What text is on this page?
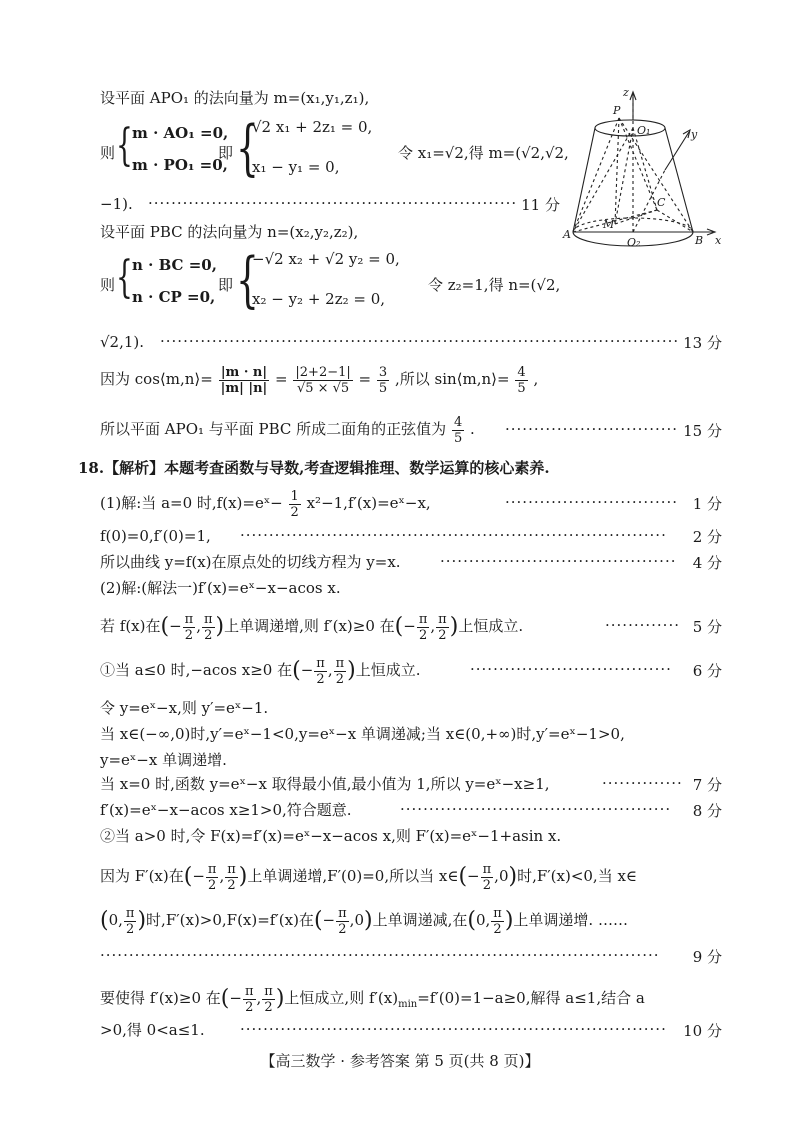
设平面 APO₁ 的法向量为 m=(x₁,y₁,z₁),
则 { m · AO₁ =0,
m · PO₁ =0,
即 {
√2 x₁ + 2z₁ = 0,
x₁ − y₁ = 0,
令 x₁=√2,得 m=(√2,√2,
−1). ································································ 11 分
设平面 PBC 的法向量为 n=(x₂,y₂,z₂),
则 { n · BC =0,
n · CP =0,
即 {
−√2 x₂ + √2 y₂ = 0,
x₂ − y₂ + 2z₂ = 0,
令 z₂=1,得 n=(√2,
√2,1). ·························································································· 13 分
因为 cos⟨m,n⟩= $\frac{|m \cdot n|}{|m| |n|} = \frac{|2+2-1|}{√5 \times √5} = \frac{3}{5}$ ,所以 sin⟨m,n⟩= $\frac{4}{5}$ ,
所以平面 APO₁ 与平面 PBC 所成二面角的正弦值为 $\frac{4}{5}$ . ······························ 15 分
P
O₁
z
y
C
A
M
O₂	B x
18.【解析】本题考查函数与导数,考查逻辑推理、数学运算的核心素养.
(1)解:当 a=0 时,f(x)=eˣ− $\frac{1}{2}$ x²−1,f′(x)=eˣ−x,	······························ 1 分
f(0)=0,f′(0)=1, ··········································································	2 分
所以曲线 y=f(x)在原点处的切线方程为 y=x.	·········································	4 分
(2)解:(解法一)f′(x)=eˣ−x−acos x.
若 f(x)在(− $\frac{\pi}{2}$ , $\frac{\pi}{2}$ )上单调递增,则 f′(x)≥0 在(− $\frac{\pi}{2}$ , $\frac{\pi}{2}$ )上恒成立.	············· 5 分
①当 a≤0 时,−acos x≥0 在(− $\frac{\pi}{2}$ , $\frac{\pi}{2}$ )上恒成立.	···································	6 分
令 y=eˣ−x,则 y′=eˣ−1.
当 x∈(−∞,0)时,y′=eˣ−1<0,y=eˣ−x 单调递减;当 x∈(0,+∞)时,y′=eˣ−1>0,
y=eˣ−x 单调递增.
当 x=0 时,函数 y=eˣ−x 取得最小值,最小值为 1,所以 y=eˣ−x≥1,	·············· 7 分
f′(x)=eˣ−x−acos x≥1>0,符合题意.	···············································	8 分
②当 a>0 时,令 F(x)=f′(x)=eˣ−x−acos x,则 F′(x)=eˣ−1+asin x.
因为 F′(x)在(− $\frac{\pi}{2}$ , $\frac{\pi}{2}$ )上单调递增,F′(0)=0,所以当 x∈(− $\frac{\pi}{2} ,0$)时,F′(x)<0,当 x∈
(0, $\frac{\pi}{2}$ )时,F′(x)>0,F(x)=f′(x)在(− $\frac{\pi}{2} ,0$)上单调递减,在(0, $\frac{\pi}{2}$ )上单调递增. ……
·································································································	9 分
要使得 f′(x)≥0 在(− $\frac{\pi}{2}$ , $\frac{\pi}{2}$ )上恒成立,则 $f'(x)_{min}=f'(0)=1-a\ge 0$,解得 a≤1,结合 a
>0,得 0<a≤1. ··········································································	10 分
【高三数学 · 参考答案 第 5 页(共 8 页)】
